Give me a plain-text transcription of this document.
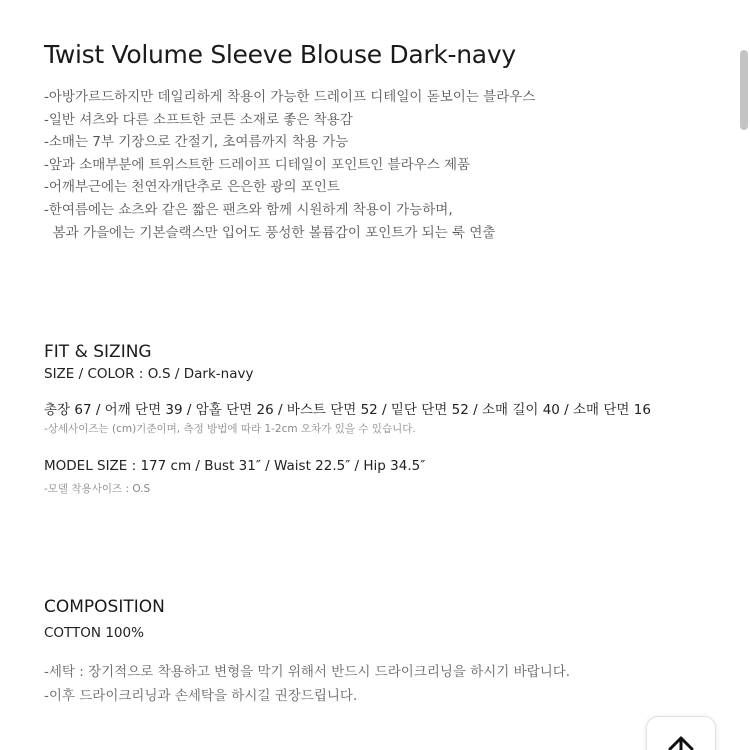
Twist Volume Sleeve Blouse Dark-navy
-아방가르드하지만 데일리하게 착용이 가능한 드레이프 디테일이 돋보이는 블라우스
-일반 셔츠와 다른 소프트한 코튼 소재로 좋은 착용감
-소매는 7부 기장으로 간절기, 초여름까지 착용 가능
-앞과 소매부분에 트위스트한 드레이프 디테일이 포인트인 블라우스 제품
-어깨부근에는 천연자개단추로 은은한 광의 포인트
-한여름에는 쇼츠와 같은 짧은 팬츠와 함께 시원하게 착용이 가능하며,
봄과 가을에는 기본슬랙스만 입어도 풍성한 볼륨감이 포인트가 되는 룩 연출
FIT & SIZING
SIZE / COLOR : O.S / Dark-navy
총장 67 / 어깨 단면 39 / 암홀 단면 26 / 바스트 단면 52 / 밑단 단면 52 / 소매 길이 40 / 소매 단면 16
-상세사이즈는 (cm)기준이며, 측정 방법에 따라 1-2cm 오차가 있을 수 있습니다.
MODEL SIZE : 177 cm / Bust 31″ / Waist 22.5″ / Hip 34.5″
-모델 착용사이즈 : O.S
COMPOSITION
COTTON 100%
-세탁 : 장기적으로 착용하고 변형을 막기 위해서 반드시 드라이크리닝을 하시기 바랍니다.
-이후 드라이크리닝과 손세탁을 하시길 권장드립니다.
